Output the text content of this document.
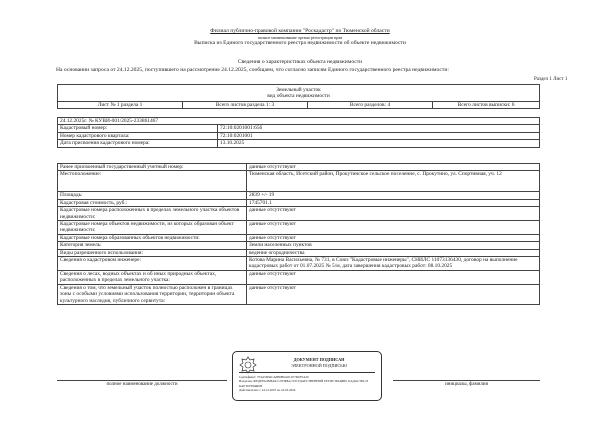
Филиал публично-правовой компании "Роскадастр" по Тюменской области
полное наименование органа регистрации прав
Выписка из Единого государственного реестра недвижимости об объекте недвижимости
Сведения о характеристиках объекта недвижимости
На основании запроса от 24.12.2025, поступившего на рассмотрение 24.12.2025, сообщаем, что согласно записям Единого государственного реестра недвижимости:
Раздел 1 Лист 1
Земельный участок
вид объекта недвижимости

Лист № 1 раздела 1	Всего листов раздела 1: 3	Всего разделов: 4	Всего листов выписки: 6
24.12.2025г. № КУВИ-001/2025-233861467	
Кадастровый номер:	72:10:0201001:656
Номер кадастрового квартала:	72:10:0201001
Дата присвоения кадастрового номера:	13.10.2025
Ранее присвоенный государственный учетный номер:	данные отсутствуют
Местоположение:	Тюменская область, Исетский район, Прокутинское сельское поселение, с. Прокутино, ул. Спортивная, уч. 12
Площадь:	2839 +/- 19
Кадастровая стоимость, руб.:	1745701.1
Кадастровые номера расположенных в пределах земельного участка объектов недвижимости:	данные отсутствуют
Кадастровые номера объектов недвижимости, из которых образован объект недвижимости:	данные отсутствуют
Кадастровые номера образованных объектов недвижимости:	данные отсутствуют
Категория земель:	Земли населенных пунктов
Виды разрешенного использования:	ведение огородничества
Сведения о кадастровом инженере:	Котова Марина Васильевна, № 731, в Союз "Кадастровые инженеры", СНИЛС 11073136430, договор на выполнение кадастровых работ от 01.07.2025 № 5/м, дата завершения кадастровых работ: 08.10.2025
Сведения о лесах, водных объектах и об иных природных объектах, расположенных в пределах земельного участка:	данные отсутствуют
Сведения о том, что земельный участок полностью расположен в границах зоны с особыми условиями использования территории, территории объекта культурного наследия, публичного сервитута:	данные отсутствуют
полное наименование должности	инициалы, фамилия
ДОКУМЕНТ ПОДПИСАН
ЭЛЕКТРОННОЙ ПОДПИСЬЮ
Сертификат: 7F4A5D92CA0B0B6A0C1E7D6F5A20
Владелец: ФЕДЕРАЛЬНАЯ СЛУЖБА ГОСУДАРСТВЕННОЙ РЕГИСТРАЦИИ, КАДАСТРА И КАРТОГРАФИИ
Действителен: с 24.12.2025 по 24.03.2026
